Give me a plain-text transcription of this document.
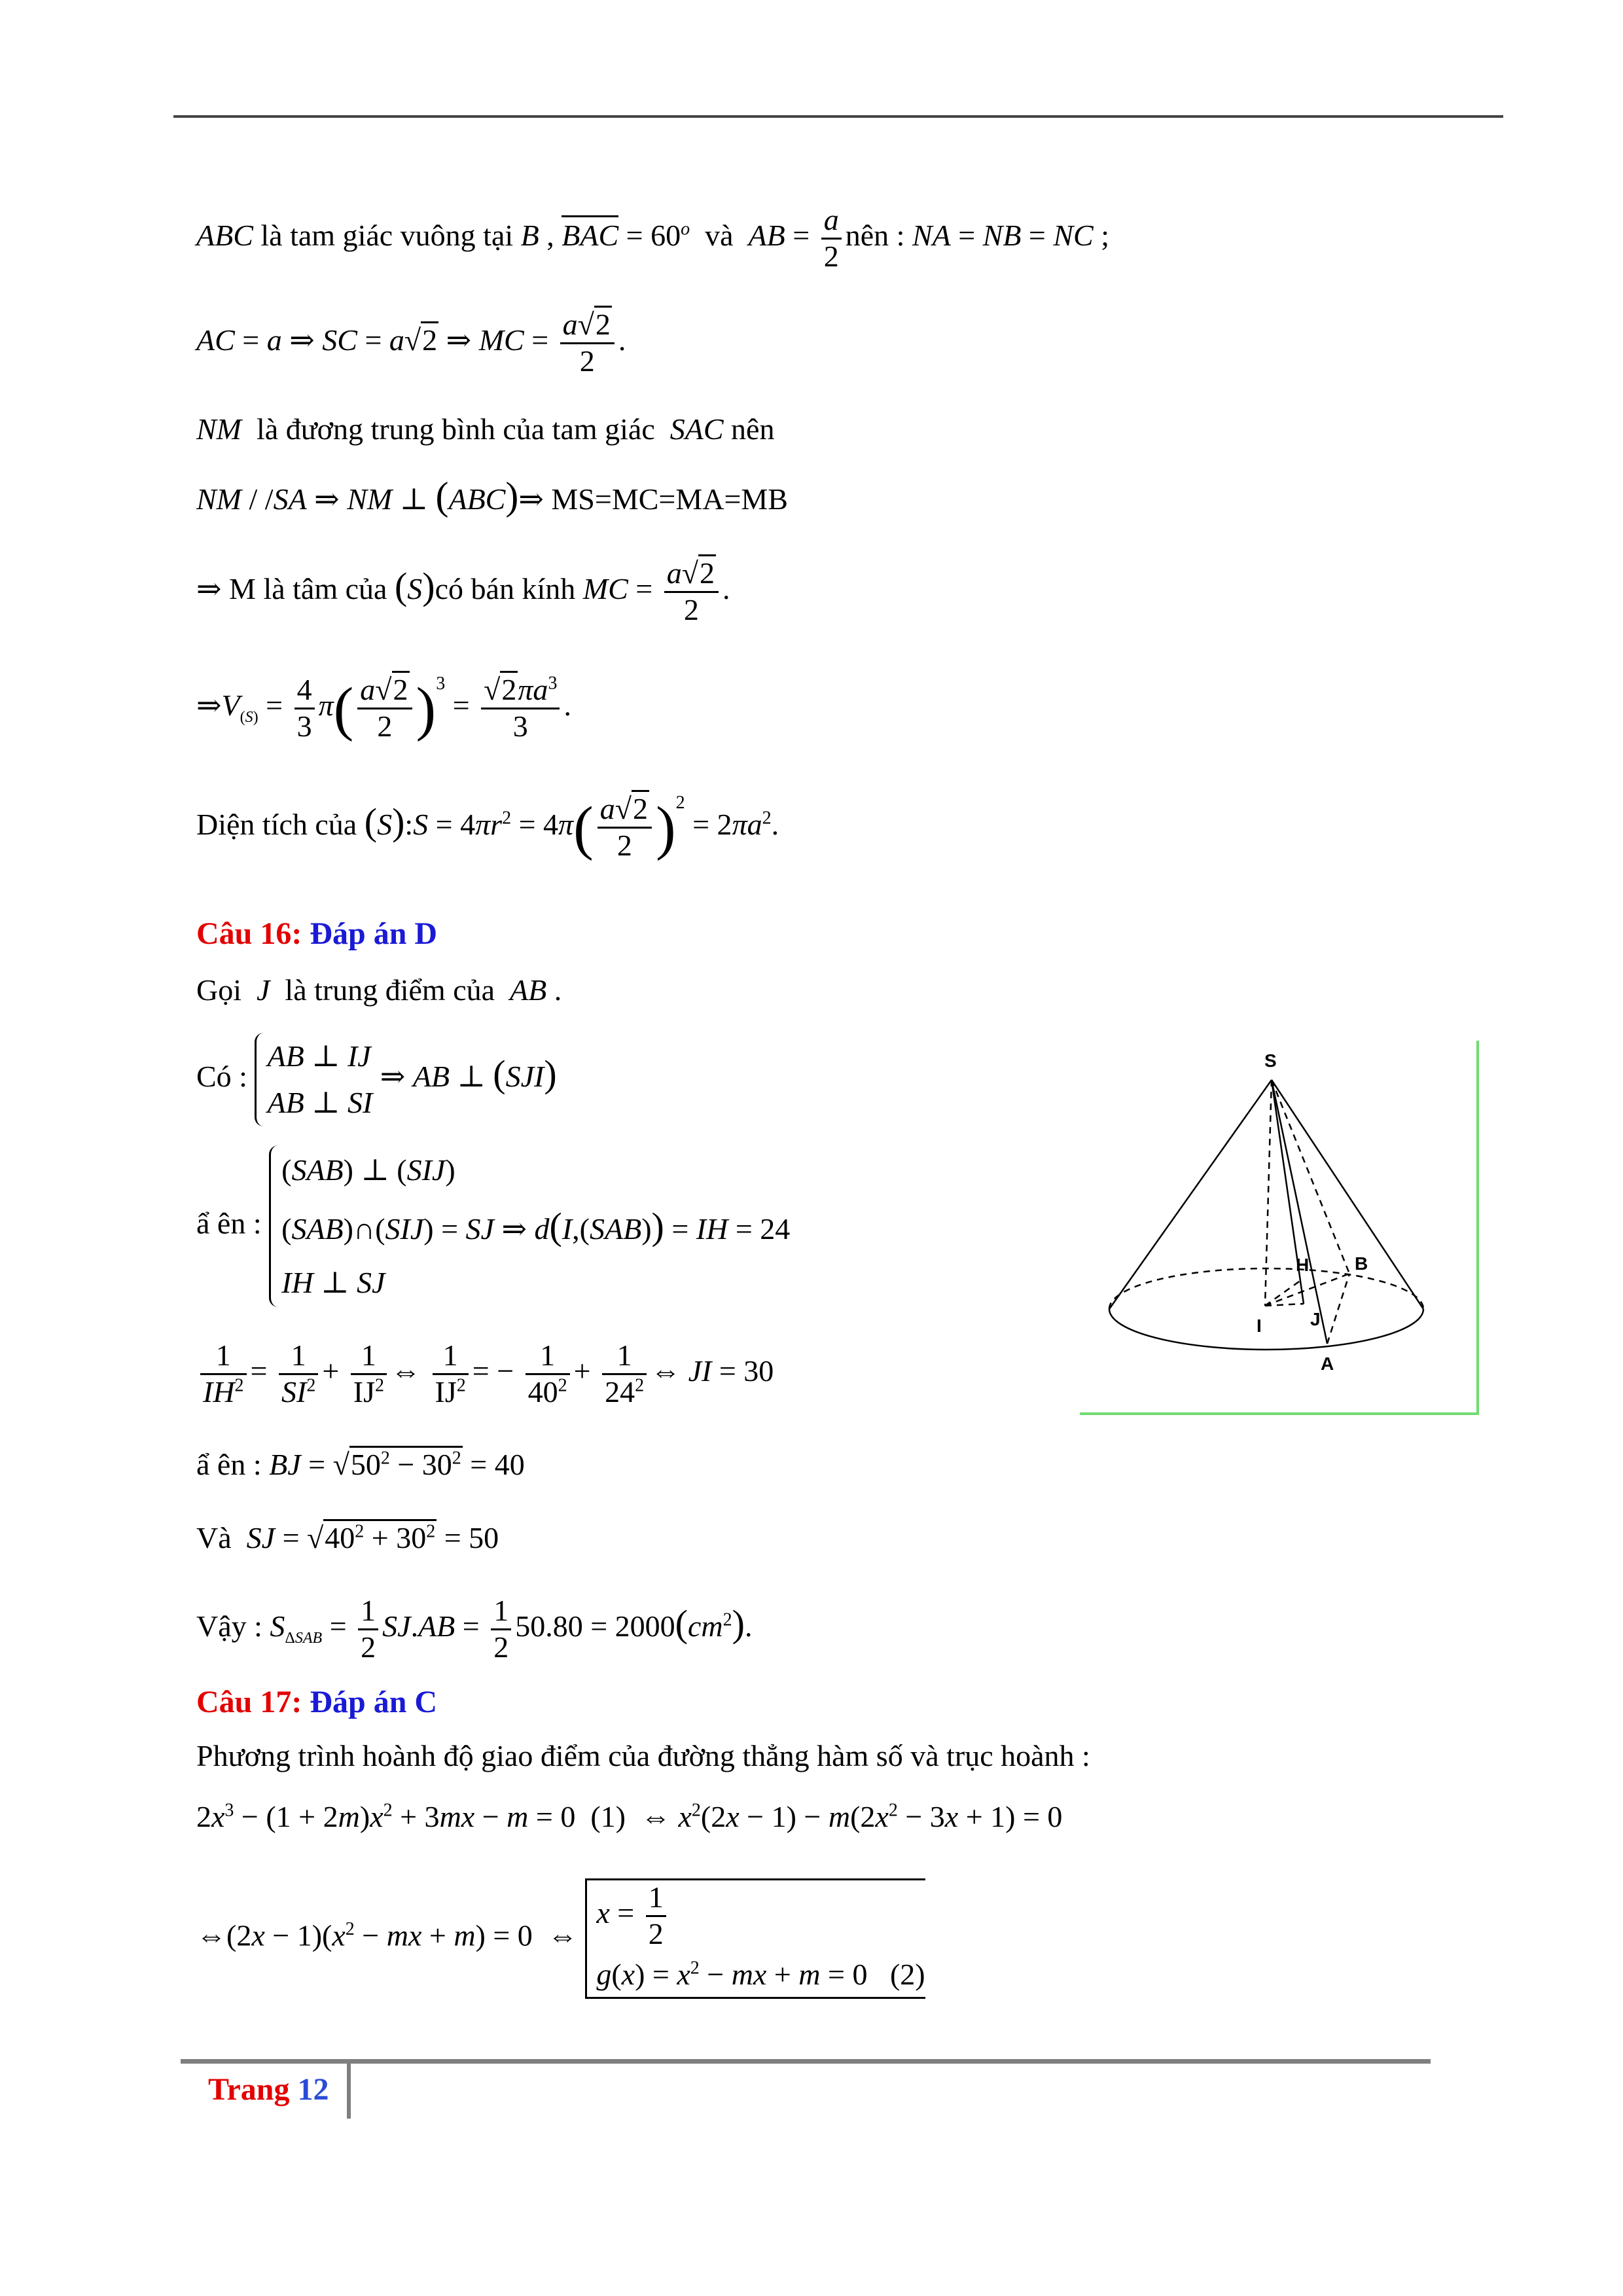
ABC là tam giác vuông tại B , BAC = $60^o$ và AB = $\frac{a}{2}$ nên : NA = NB = NC ;
AC = a ⇒ SC = a√2 ⇒ MC = $\frac{a√2}{2}$ .
NM là đương trung bình của tam giác SAC nên
NM / /SA ⇒ NM ⊥ (ABC)⇒ MS=MC=MA=MB
⇒ M là tâm của (S)có bán kính MC = $\frac{a√2}{2}$ .
$\Rightarrow V_{(S)} = \frac{4}{3} \pi( \frac{a√2}{2} )^3 = \frac{√2\pi a^3}{3}$ .
Diện tích của (S):S = $4\pi r^2 = 4\pi( \frac{a√2}{2} )^2 = 2\pi a^2$.
Câu 16: Đáp án D
Gọi J là trung điểm của AB .
Có : AB ⊥ IJ
AB ⊥ SI ⇒ AB ⊥ (SJI)
ẩ ên : (SAB) ⊥ (SIJ)
(SAB)∩(SIJ) = SJ ⇒ d(I,(SAB)) = IH = 24
IH ⊥ SJ
$\frac{1}{IH^2} = \frac{1}{SI^2} + \frac{1}{IJ^2}$ ⇔ $\frac{1}{IJ^2}$ = − $\frac{1}{40^2} + \frac{1}{24^2}$ ⇔ JI = 30
ẩ ên : BJ = $√50^2 - 30^2 = 40$
Và SJ = $√40^2 + 30^2 = 50$
Vậy : $S_{\Delta SAB} = \frac{1}{2} SJ.AB = \frac{1}{2} 50.80 = 2000(cm^2)$.
Câu 17: Đáp án C
Phương trình hoành độ giao điểm của đường thẳng hàm số và trục hoành :
$2x^3 - (1 + 2m)x^2 + 3mx - m = 0$  (1)  ⇔ $x^2(2x - 1) - m(2x^2 - 3x + 1) = 0$
⇔(2x − $1)(x^2$ − mx + m) = 0  ⇔ $x = \frac{1}{2}$

$g(x) = x^2$ − mx + m = 0   (2)
S
H B
I	J
A
Trang 12
